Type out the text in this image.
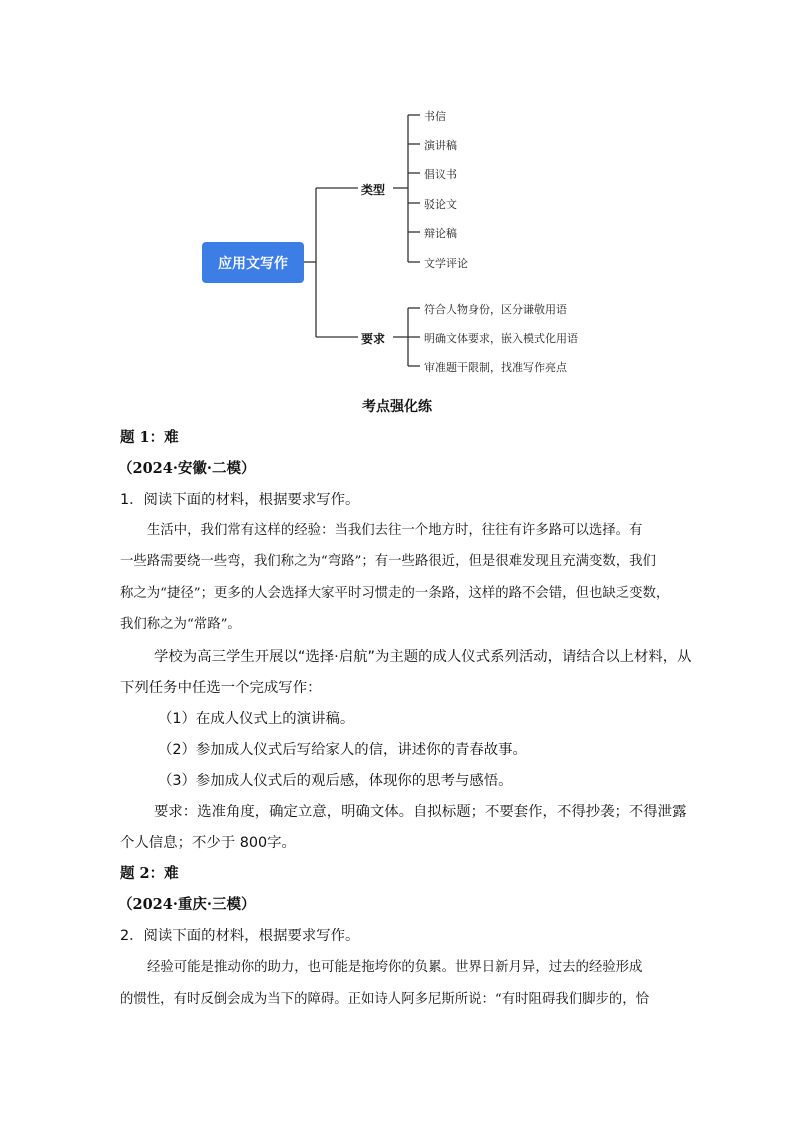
应用文写作
类型
要求
书信
演讲稿
倡议书
驳论文
辩论稿
文学评论
符合人物身份，区分谦敬用语
明确文体要求，嵌入模式化用语
审准题干限制，找准写作亮点
考点强化练
题 1：难
（2024·安徽·二模）
1．阅读下面的材料，根据要求写作。
生活中，我们常有这样的经验：当我们去往一个地方时，往往有许多路可以选择。有
一些路需要绕一些弯，我们称之为“弯路”；有一些路很近，但是很难发现且充满变数，我们
称之为“捷径”；更多的人会选择大家平时习惯走的一条路，这样的路不会错，但也缺乏变数，
我们称之为“常路”。
学校为高三学生开展以“选择·启航”为主题的成人仪式系列活动，请结合以上材料，从
下列任务中任选一个完成写作：
（1）在成人仪式上的演讲稿。
（2）参加成人仪式后写给家人的信，讲述你的青春故事。
（3）参加成人仪式后的观后感，体现你的思考与感悟。
要求：选准角度，确定立意，明确文体。自拟标题；不要套作，不得抄袭；不得泄露
个人信息；不少于 800字。
题 2：难
（2024·重庆·三模）
2．阅读下面的材料，根据要求写作。
经验可能是推动你的助力，也可能是拖垮你的负累。世界日新月异，过去的经验形成
的惯性，有时反倒会成为当下的障碍。正如诗人阿多尼斯所说：“有时阻碍我们脚步的，恰
